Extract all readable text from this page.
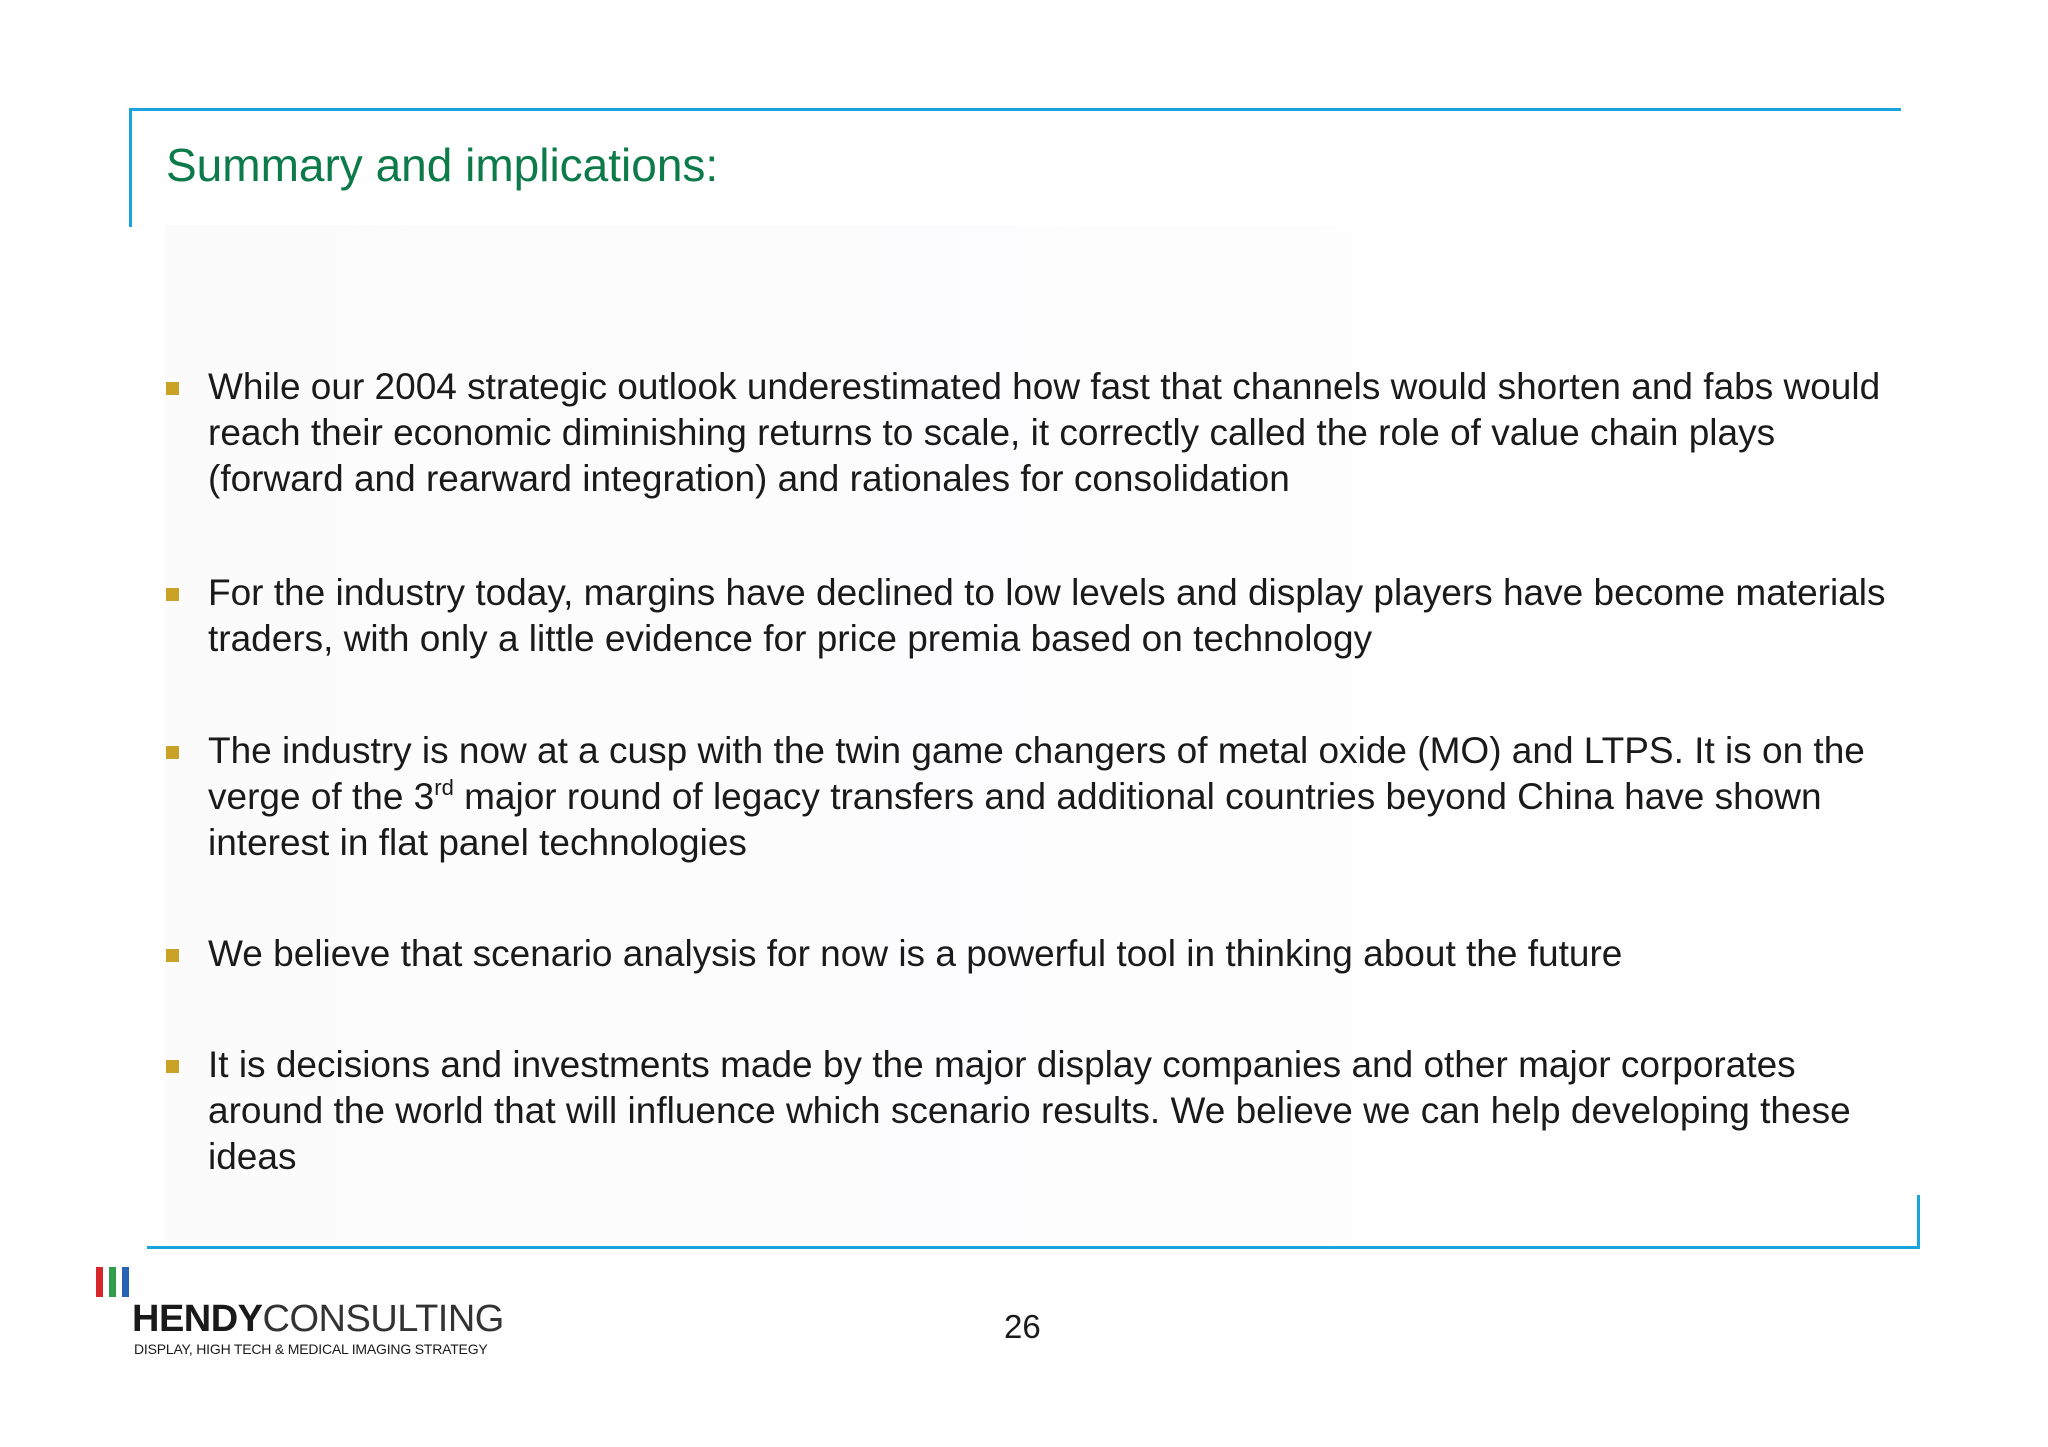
Summary and implications:
While our 2004 strategic outlook underestimated how fast that channels would shorten and fabs would reach their economic diminishing returns to scale, it correctly called the role of value chain plays (forward and rearward integration) and rationales for consolidation
For the industry today, margins have declined to low levels and display players have become materials traders, with only a little evidence for price premia based on technology
The industry is now at a cusp with the twin game changers of metal oxide (MO) and LTPS. It is on the verge of the 3rd major round of legacy transfers and additional countries beyond China have shown interest in flat panel technologies
We believe that scenario analysis for now is a powerful tool in thinking about the future
It is decisions and investments made by the major display companies and other major corporates around the world that will influence which scenario results. We believe we can help developing these ideas
HENDYCONSULTING
DISPLAY, HIGH TECH & MEDICAL IMAGING STRATEGY
26
